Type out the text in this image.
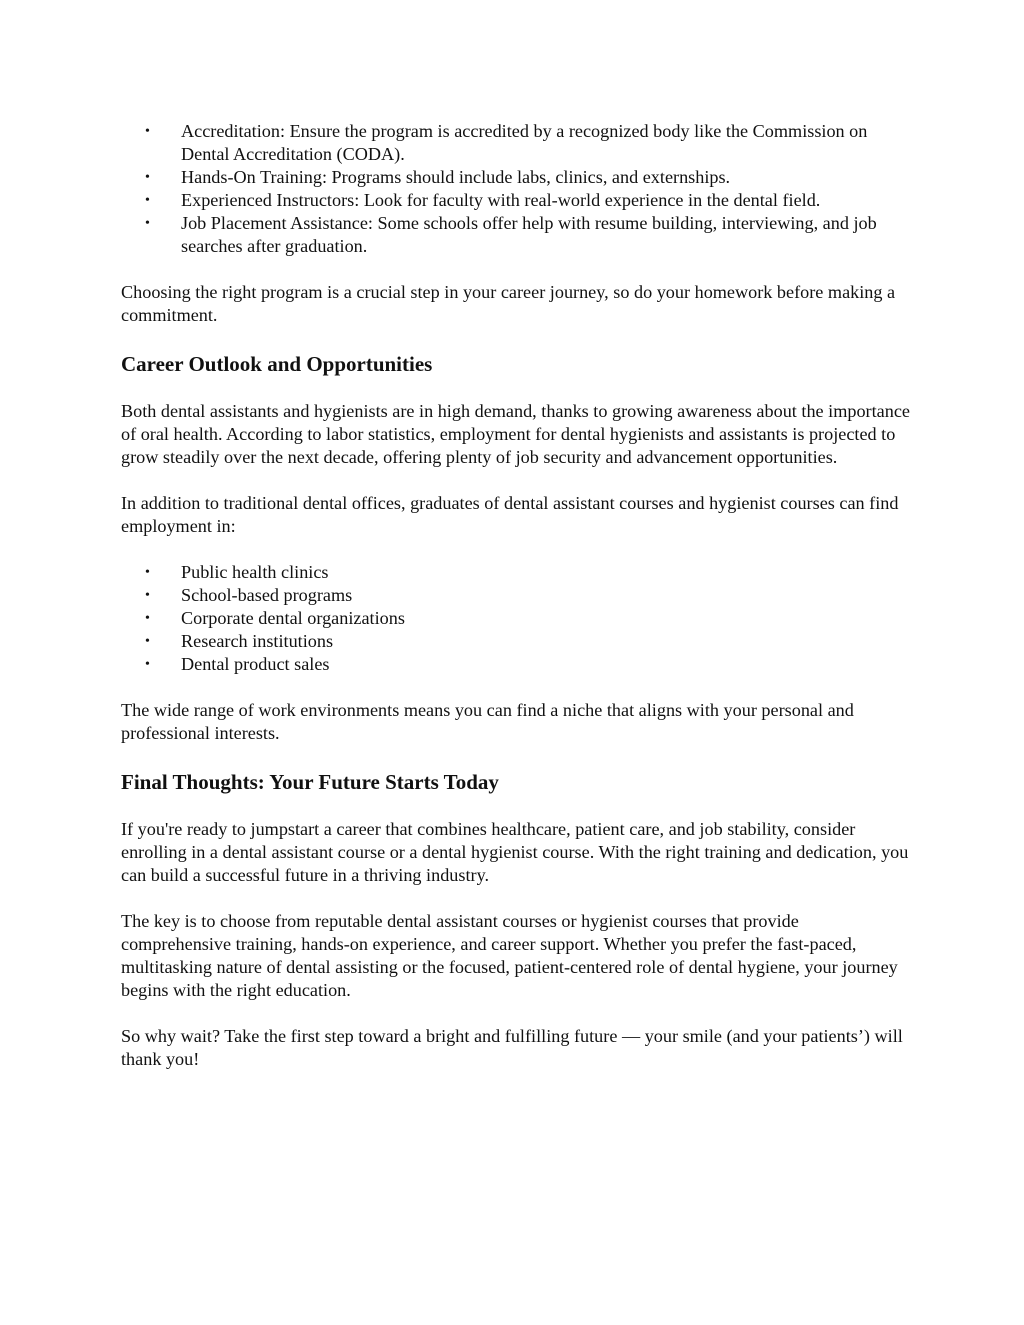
• Accreditation: Ensure the program is accredited by a recognized body like the Commission on Dental Accreditation (CODA).
• Hands-On Training: Programs should include labs, clinics, and externships.
• Experienced Instructors: Look for faculty with real-world experience in the dental field.
• Job Placement Assistance: Some schools offer help with resume building, interviewing, and job searches after graduation.

Choosing the right program is a crucial step in your career journey, so do your homework before making a commitment.

Career Outlook and Opportunities

Both dental assistants and hygienists are in high demand, thanks to growing awareness about the importance of oral health. According to labor statistics, employment for dental hygienists and assistants is projected to grow steadily over the next decade, offering plenty of job security and advancement opportunities.

In addition to traditional dental offices, graduates of dental assistant courses and hygienist courses can find employment in:

• Public health clinics
• School-based programs
• Corporate dental organizations
• Research institutions
• Dental product sales

The wide range of work environments means you can find a niche that aligns with your personal and professional interests.

Final Thoughts: Your Future Starts Today

If you're ready to jumpstart a career that combines healthcare, patient care, and job stability, consider enrolling in a dental assistant course or a dental hygienist course. With the right training and dedication, you can build a successful future in a thriving industry.

The key is to choose from reputable dental assistant courses or hygienist courses that provide comprehensive training, hands-on experience, and career support. Whether you prefer the fast-paced, multitasking nature of dental assisting or the focused, patient-centered role of dental hygiene, your journey begins with the right education.

So why wait? Take the first step toward a bright and fulfilling future — your smile (and your patients’) will thank you!
